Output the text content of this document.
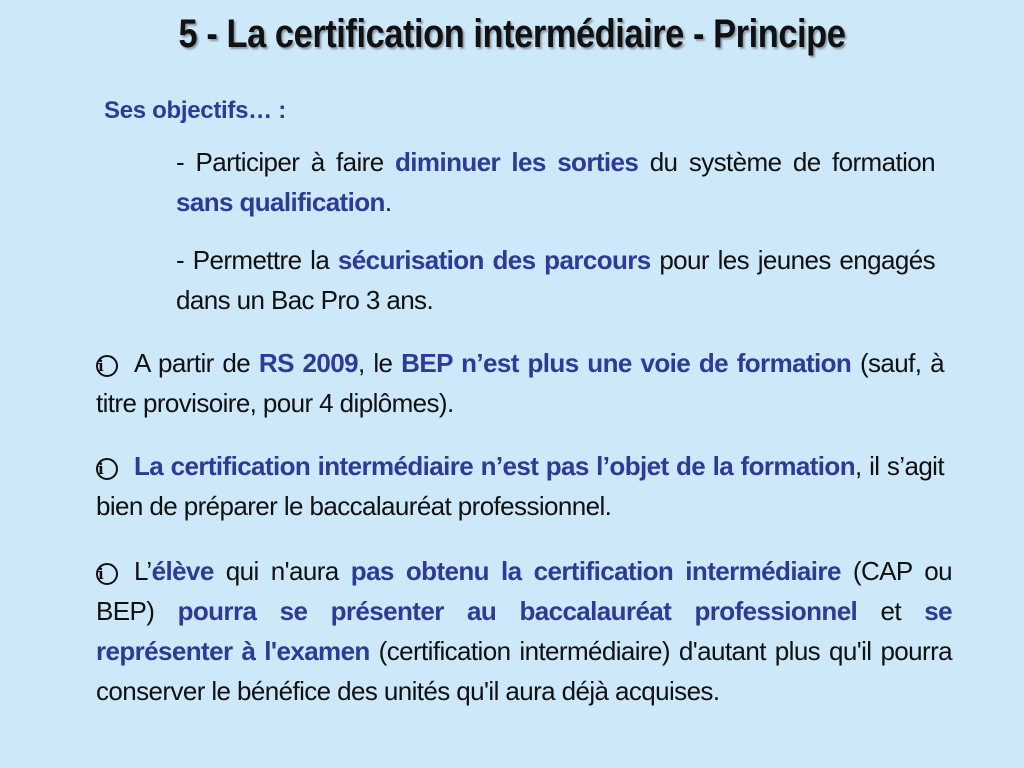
5 - La certification intermédiaire - Principe
Ses objectifs… :
- Participer à faire diminuer les sorties du système de formation sans qualification.
- Permettre la sécurisation des parcours pour les jeunes engagés dans un Bac Pro 3 ans.
i A partir de RS 2009, le BEP n’est plus une voie de formation (sauf, à titre provisoire, pour 4 diplômes).
i La certification intermédiaire n’est pas l’objet de la formation, il s’agit bien de préparer le baccalauréat professionnel.
i L’élève qui n'aura pas obtenu la certification intermédiaire (CAP ou BEP) pourra se présenter au baccalauréat professionnel et se représenter à l'examen (certification intermédiaire) d'autant plus qu'il pourra conserver le bénéfice des unités qu'il aura déjà acquises.
